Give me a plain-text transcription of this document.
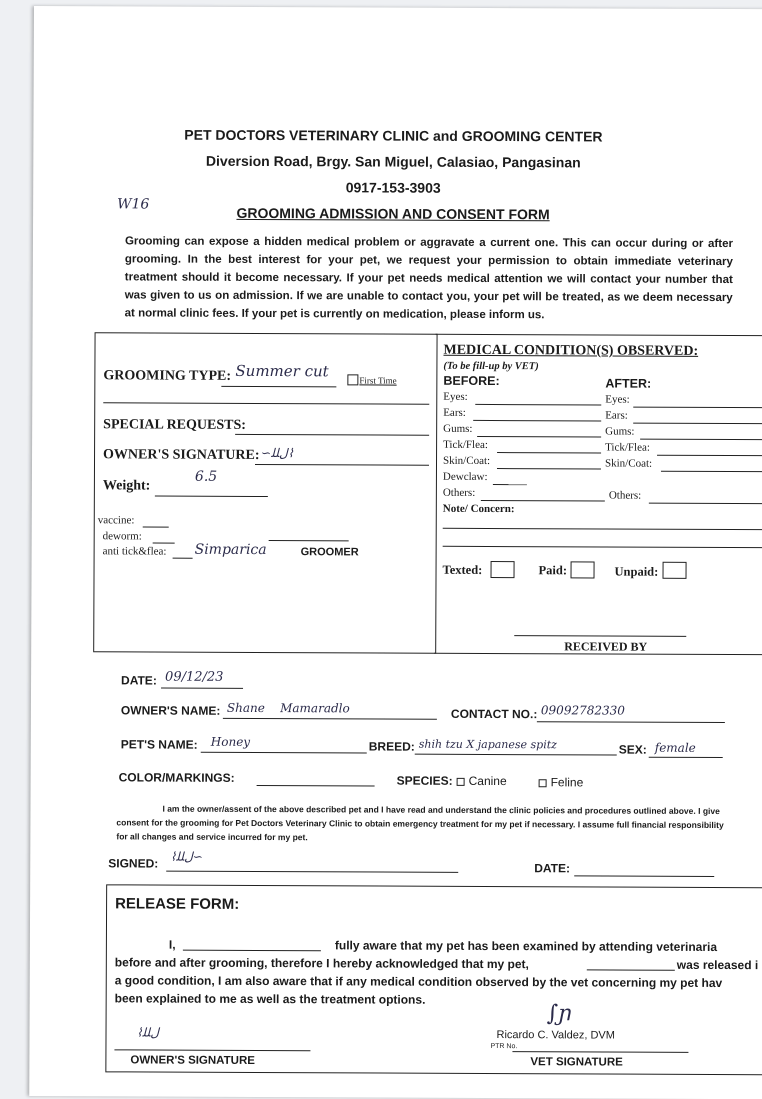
PET DOCTORS VETERINARY CLINIC and GROOMING CENTER
Diversion Road, Brgy. San Miguel, Calasiao, Pangasinan
0917-153-3903
W16
GROOMING ADMISSION AND CONSENT FORM
Grooming can expose a hidden medical problem or aggravate a current one. This can occur during or after grooming. In the best interest for your pet, we request your permission to obtain immediate veterinary treatment should it become necessary. If your pet needs medical attention we will contact your number that was given to us on admission. If we are unable to contact you, your pet will be treated, as we deem necessary at normal clinic fees. If your pet is currently on medication, please inform us.
GROOMING TYPE: Summer cut
First Time
SPECIAL REQUESTS:
OWNER'S SIGNATURE: ∽ﻝﻠﻠ⌇
Weight:
6.5
vaccine:
deworm:
anti tick&flea: Simparica	GROOMER
MEDICAL CONDITION(S) OBSERVED:
(To be fill-up by VET)
BEFORE:	AFTER:
Eyes:	Eyes:
Ears:	Ears:
Gums:	Gums:
Tick/Flea:	Tick/Flea:
Skin/Coat:	Skin/Coat:
Dewclaw:
Others:	Others:
Note/ Concern:
Texted:	Paid:	Unpaid:
RECEIVED BY
DATE: 09/12/23
OWNER'S NAME: Shane    Mamaradlo	CONTACT NO.: 09092782330
PET'S NAME: Honey	BREED: shih tzu X japanese spitz	SEX: female
COLOR/MARKINGS:	SPECIES: Canine	Feline
I am the owner/assent of the above described pet and I have read and understand the clinic policies and procedures outlined above. I give consent for the grooming for Pet Doctors Veterinary Clinic to obtain emergency treatment for my pet if necessary. I assume full financial responsibility for all changes and service incurred for my pet.
SIGNED: ⌇ﻝﻠﻠ∽
DATE:
RELEASE FORM:
I,	fully aware that my pet has been examined by attending veterinaria
before and after grooming, therefore I hereby acknowledged that my pet,	was released i
a good condition, I am also aware that if any medical condition observed by the vet concerning my pet hav
been explained to me as well as the treatment options.
⌇ﻝﻠﻠ
OWNER'S SIGNATURE
∫ɲ
Ricardo C. Valdez, DVM
PTR No.
VET SIGNATURE
